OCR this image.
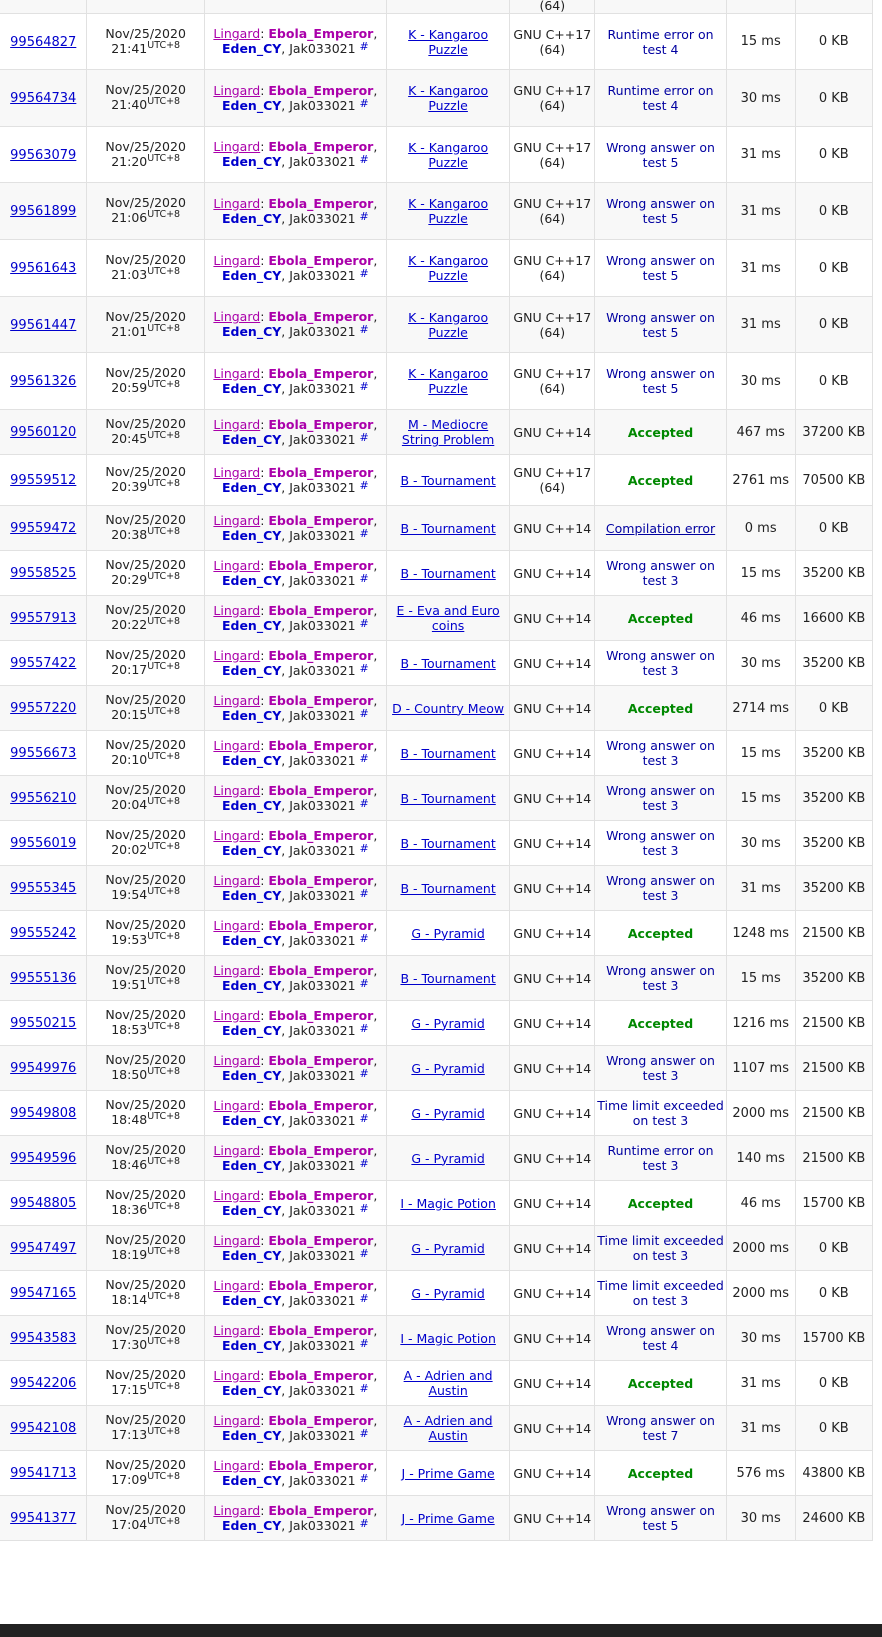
				(64)			
99564827	Nov/25/2020
$21:41^{UTC+8}$	Lingard: Ebola_Emperor,
Eden_CY, Jak033021 #	K - Kangaroo Puzzle	GNU C++17 (64)	Runtime error on test 4	15 ms	0 KB
99564734	Nov/25/2020
$21:40^{UTC+8}$	Lingard: Ebola_Emperor,
Eden_CY, Jak033021 #	K - Kangaroo Puzzle	GNU C++17 (64)	Runtime error on test 4	30 ms	0 KB
99563079	Nov/25/2020
$21:20^{UTC+8}$	Lingard: Ebola_Emperor,
Eden_CY, Jak033021 #	K - Kangaroo Puzzle	GNU C++17 (64)	Wrong answer on test 5	31 ms	0 KB
99561899	Nov/25/2020
$21:06^{UTC+8}$	Lingard: Ebola_Emperor,
Eden_CY, Jak033021 #	K - Kangaroo Puzzle	GNU C++17 (64)	Wrong answer on test 5	31 ms	0 KB
99561643	Nov/25/2020
$21:03^{UTC+8}$	Lingard: Ebola_Emperor,
Eden_CY, Jak033021 #	K - Kangaroo Puzzle	GNU C++17 (64)	Wrong answer on test 5	31 ms	0 KB
99561447	Nov/25/2020
$21:01^{UTC+8}$	Lingard: Ebola_Emperor,
Eden_CY, Jak033021 #	K - Kangaroo Puzzle	GNU C++17 (64)	Wrong answer on test 5	31 ms	0 KB
99561326	Nov/25/2020
$20:59^{UTC+8}$	Lingard: Ebola_Emperor,
Eden_CY, Jak033021 #	K - Kangaroo Puzzle	GNU C++17 (64)	Wrong answer on test 5	30 ms	0 KB
99560120	Nov/25/2020
$20:45^{UTC+8}$	Lingard: Ebola_Emperor,
Eden_CY, Jak033021 #	M - Mediocre String Problem	GNU C++14	Accepted	467 ms	37200 KB
99559512	Nov/25/2020
$20:39^{UTC+8}$	Lingard: Ebola_Emperor,
Eden_CY, Jak033021 #	B - Tournament	GNU C++17 (64)	Accepted	2761 ms	70500 KB
99559472	Nov/25/2020
$20:38^{UTC+8}$	Lingard: Ebola_Emperor,
Eden_CY, Jak033021 #	B - Tournament	GNU C++14	Compilation error	0 ms	0 KB
99558525	Nov/25/2020
$20:29^{UTC+8}$	Lingard: Ebola_Emperor,
Eden_CY, Jak033021 #	B - Tournament	GNU C++14	Wrong answer on test 3	15 ms	35200 KB
99557913	Nov/25/2020
$20:22^{UTC+8}$	Lingard: Ebola_Emperor,
Eden_CY, Jak033021 #	E - Eva and Euro coins	GNU C++14	Accepted	46 ms	16600 KB
99557422	Nov/25/2020
$20:17^{UTC+8}$	Lingard: Ebola_Emperor,
Eden_CY, Jak033021 #	B - Tournament	GNU C++14	Wrong answer on test 3	30 ms	35200 KB
99557220	Nov/25/2020
$20:15^{UTC+8}$	Lingard: Ebola_Emperor,
Eden_CY, Jak033021 #	D - Country Meow	GNU C++14	Accepted	2714 ms	0 KB
99556673	Nov/25/2020
$20:10^{UTC+8}$	Lingard: Ebola_Emperor,
Eden_CY, Jak033021 #	B - Tournament	GNU C++14	Wrong answer on test 3	15 ms	35200 KB
99556210	Nov/25/2020
$20:04^{UTC+8}$	Lingard: Ebola_Emperor,
Eden_CY, Jak033021 #	B - Tournament	GNU C++14	Wrong answer on test 3	15 ms	35200 KB
99556019	Nov/25/2020
$20:02^{UTC+8}$	Lingard: Ebola_Emperor,
Eden_CY, Jak033021 #	B - Tournament	GNU C++14	Wrong answer on test 3	30 ms	35200 KB
99555345	Nov/25/2020
$19:54^{UTC+8}$	Lingard: Ebola_Emperor,
Eden_CY, Jak033021 #	B - Tournament	GNU C++14	Wrong answer on test 3	31 ms	35200 KB
99555242	Nov/25/2020
$19:53^{UTC+8}$	Lingard: Ebola_Emperor,
Eden_CY, Jak033021 #	G - Pyramid	GNU C++14	Accepted	1248 ms	21500 KB
99555136	Nov/25/2020
$19:51^{UTC+8}$	Lingard: Ebola_Emperor,
Eden_CY, Jak033021 #	B - Tournament	GNU C++14	Wrong answer on test 3	15 ms	35200 KB
99550215	Nov/25/2020
$18:53^{UTC+8}$	Lingard: Ebola_Emperor,
Eden_CY, Jak033021 #	G - Pyramid	GNU C++14	Accepted	1216 ms	21500 KB
99549976	Nov/25/2020
$18:50^{UTC+8}$	Lingard: Ebola_Emperor,
Eden_CY, Jak033021 #	G - Pyramid	GNU C++14	Wrong answer on test 3	1107 ms	21500 KB
99549808	Nov/25/2020
$18:48^{UTC+8}$	Lingard: Ebola_Emperor,
Eden_CY, Jak033021 #	G - Pyramid	GNU C++14	Time limit exceeded on test 3	2000 ms	21500 KB
99549596	Nov/25/2020
$18:46^{UTC+8}$	Lingard: Ebola_Emperor,
Eden_CY, Jak033021 #	G - Pyramid	GNU C++14	Runtime error on test 3	140 ms	21500 KB
99548805	Nov/25/2020
$18:36^{UTC+8}$	Lingard: Ebola_Emperor,
Eden_CY, Jak033021 #	I - Magic Potion	GNU C++14	Accepted	46 ms	15700 KB
99547497	Nov/25/2020
$18:19^{UTC+8}$	Lingard: Ebola_Emperor,
Eden_CY, Jak033021 #	G - Pyramid	GNU C++14	Time limit exceeded on test 3	2000 ms	0 KB
99547165	Nov/25/2020
$18:14^{UTC+8}$	Lingard: Ebola_Emperor,
Eden_CY, Jak033021 #	G - Pyramid	GNU C++14	Time limit exceeded on test 3	2000 ms	0 KB
99543583	Nov/25/2020
$17:30^{UTC+8}$	Lingard: Ebola_Emperor,
Eden_CY, Jak033021 #	I - Magic Potion	GNU C++14	Wrong answer on test 4	30 ms	15700 KB
99542206	Nov/25/2020
$17:15^{UTC+8}$	Lingard: Ebola_Emperor,
Eden_CY, Jak033021 #	A - Adrien and Austin	GNU C++14	Accepted	31 ms	0 KB
99542108	Nov/25/2020
$17:13^{UTC+8}$	Lingard: Ebola_Emperor,
Eden_CY, Jak033021 #	A - Adrien and Austin	GNU C++14	Wrong answer on test 7	31 ms	0 KB
99541713	Nov/25/2020
$17:09^{UTC+8}$	Lingard: Ebola_Emperor,
Eden_CY, Jak033021 #	J - Prime Game	GNU C++14	Accepted	576 ms	43800 KB
99541377	Nov/25/2020
$17:04^{UTC+8}$	Lingard: Ebola_Emperor,
Eden_CY, Jak033021 #	J - Prime Game	GNU C++14	Wrong answer on test 5	30 ms	24600 KB
